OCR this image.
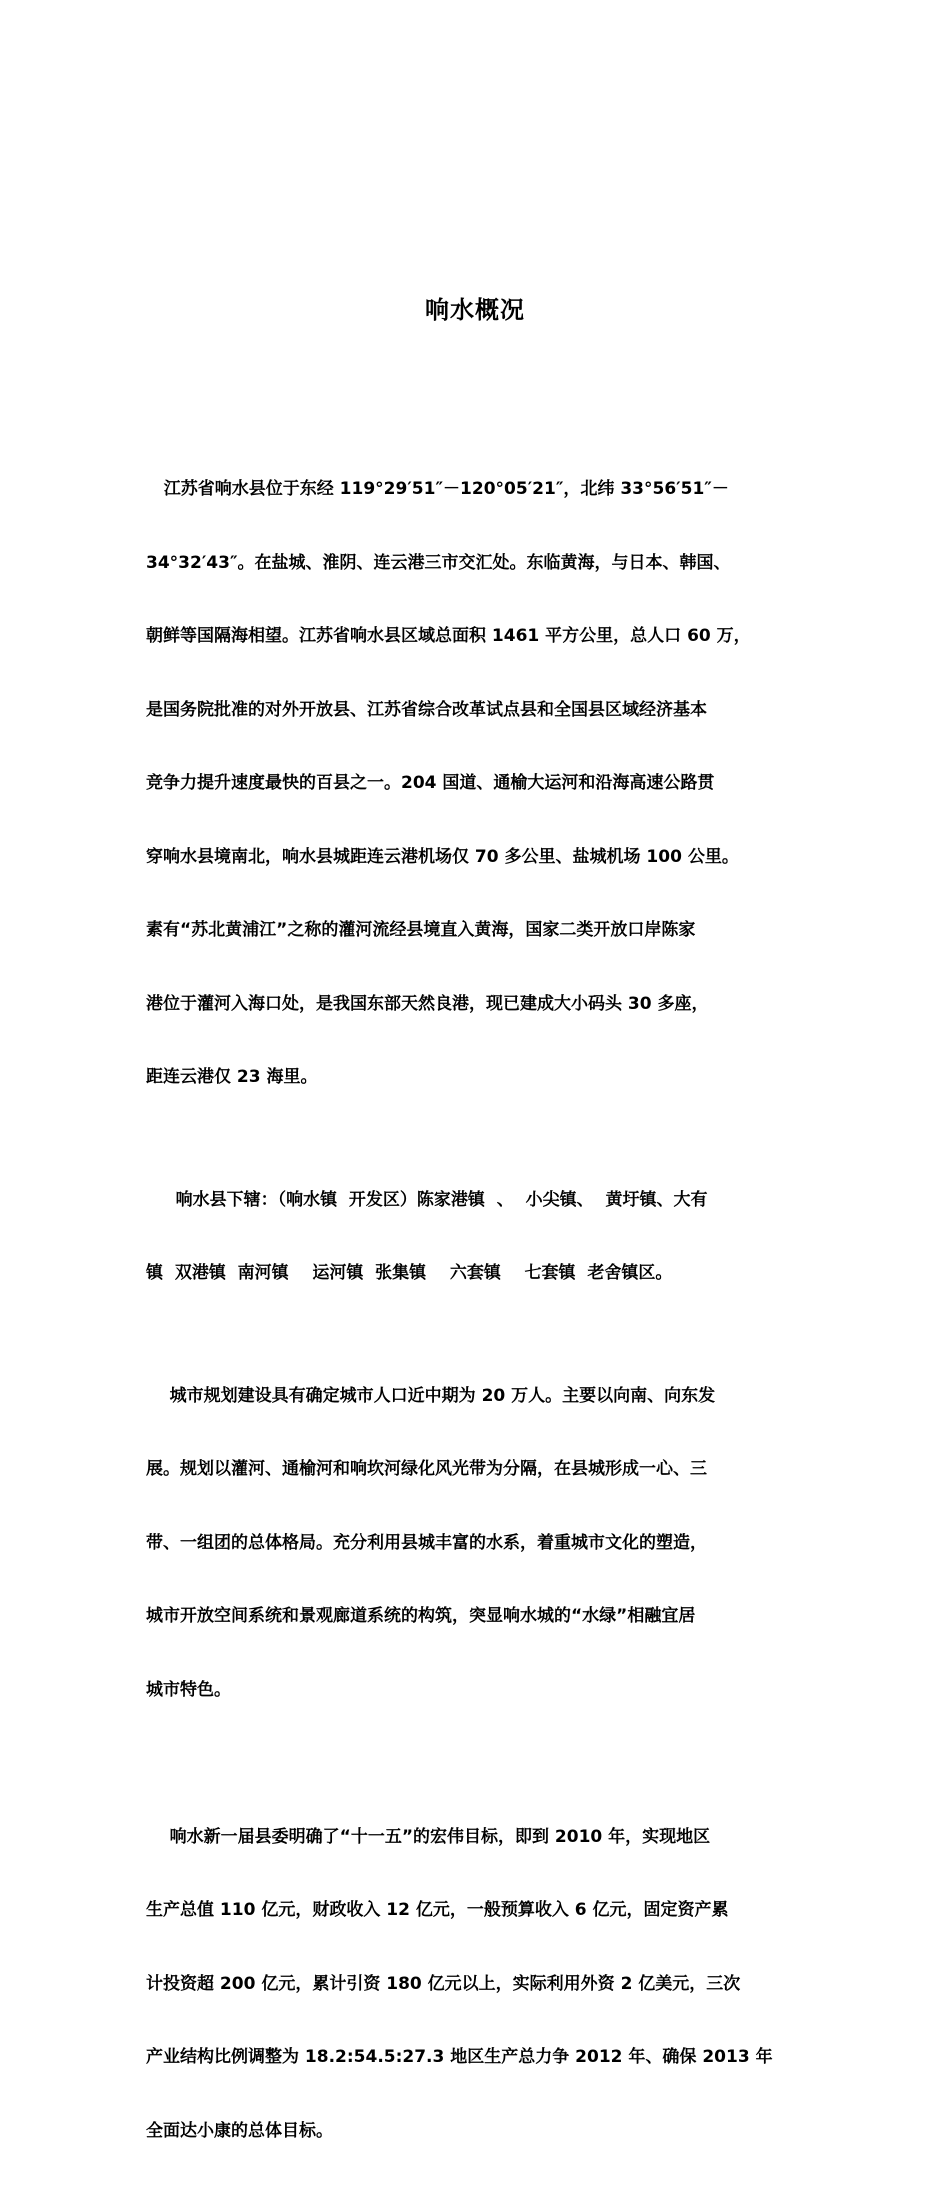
响水概况

江苏省响水县位于东经 119°29′51″－120°05′21″，北纬 33°56′51″－

34°32′43″。在盐城、淮阴、连云港三市交汇处。东临黄海，与日本、韩国、

朝鲜等国隔海相望。江苏省响水县区域总面积 1461 平方公里，总人口 60 万，

是国务院批准的对外开放县、江苏省综合改革试点县和全国县区域经济基本

竞争力提升速度最快的百县之一。204 国道、通榆大运河和沿海高速公路贯

穿响水县境南北，响水县城距连云港机场仅 70 多公里、盐城机场 100 公里。

素有“苏北黄浦江”之称的灌河流经县境直入黄海，国家二类开放口岸陈家

港位于灌河入海口处，是我国东部天然良港，现已建成大小码头 30 多座，

距连云港仅 23 海里。

响水县下辖：（响水镇  开发区）陈家港镇  、  小尖镇、  黄圩镇、大有

镇  双港镇  南河镇    运河镇  张集镇    六套镇    七套镇  老舍镇区。

城市规划建设具有确定城市人口近中期为 20 万人。主要以向南、向东发

展。规划以灌河、通榆河和响坎河绿化风光带为分隔，在县城形成一心、三

带、一组团的总体格局。充分利用县城丰富的水系，着重城市文化的塑造，

城市开放空间系统和景观廊道系统的构筑，突显响水城的“水绿”相融宜居

城市特色。

响水新一届县委明确了“十一五”的宏伟目标，即到 2010 年，实现地区

生产总值 110 亿元，财政收入 12 亿元，一般预算收入 6 亿元，固定资产累

计投资超 200 亿元，累计引资 180 亿元以上，实际利用外资 2 亿美元，三次

产业结构比例调整为 18.2:54.5:27.3 地区生产总力争 2012 年、确保 2013 年

全面达小康的总体目标。
